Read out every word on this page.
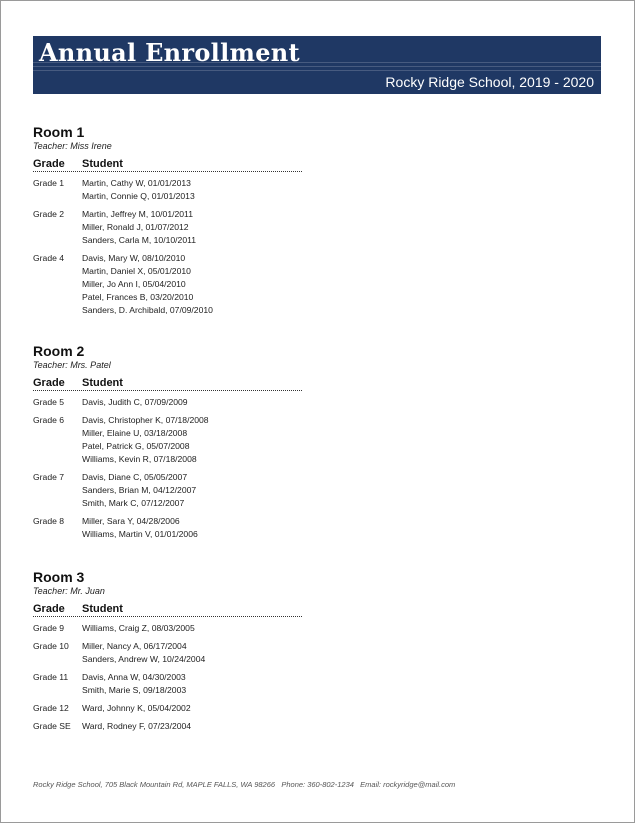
Annual Enrollment
Rocky Ridge School, 2019 - 2020
Room 1
Teacher: Miss Irene
Grade Student
Grade 1 Martin, Cathy W, 01/01/2013
Martin, Connie Q, 01/01/2013
Grade 2 Martin, Jeffrey M, 10/01/2011
Miller, Ronald J, 01/07/2012
Sanders, Carla M, 10/10/2011
Grade 4 Davis, Mary W, 08/10/2010
Martin, Daniel X, 05/01/2010
Miller, Jo Ann I, 05/04/2010
Patel, Frances B, 03/20/2010
Sanders, D. Archibald, 07/09/2010
Room 2
Teacher: Mrs. Patel
Grade Student
Grade 5 Davis, Judith C, 07/09/2009
Grade 6 Davis, Christopher K, 07/18/2008
Miller, Elaine U, 03/18/2008
Patel, Patrick G, 05/07/2008
Williams, Kevin R, 07/18/2008
Grade 7 Davis, Diane C, 05/05/2007
Sanders, Brian M, 04/12/2007
Smith, Mark C, 07/12/2007
Grade 8 Miller, Sara Y, 04/28/2006
Williams, Martin V, 01/01/2006
Room 3
Teacher: Mr. Juan
Grade Student
Grade 9 Williams, Craig Z, 08/03/2005
Grade 10 Miller, Nancy A, 06/17/2004
Sanders, Andrew W, 10/24/2004
Grade 11 Davis, Anna W, 04/30/2003
Smith, Marie S, 09/18/2003
Grade 12 Ward, Johnny K, 05/04/2002
Grade SE Ward, Rodney F, 07/23/2004
Rocky Ridge School, 705 Black Mountain Rd, MAPLE FALLS, WA 98266 Phone: 360-802-1234 Email: rockyridge@mail.com
